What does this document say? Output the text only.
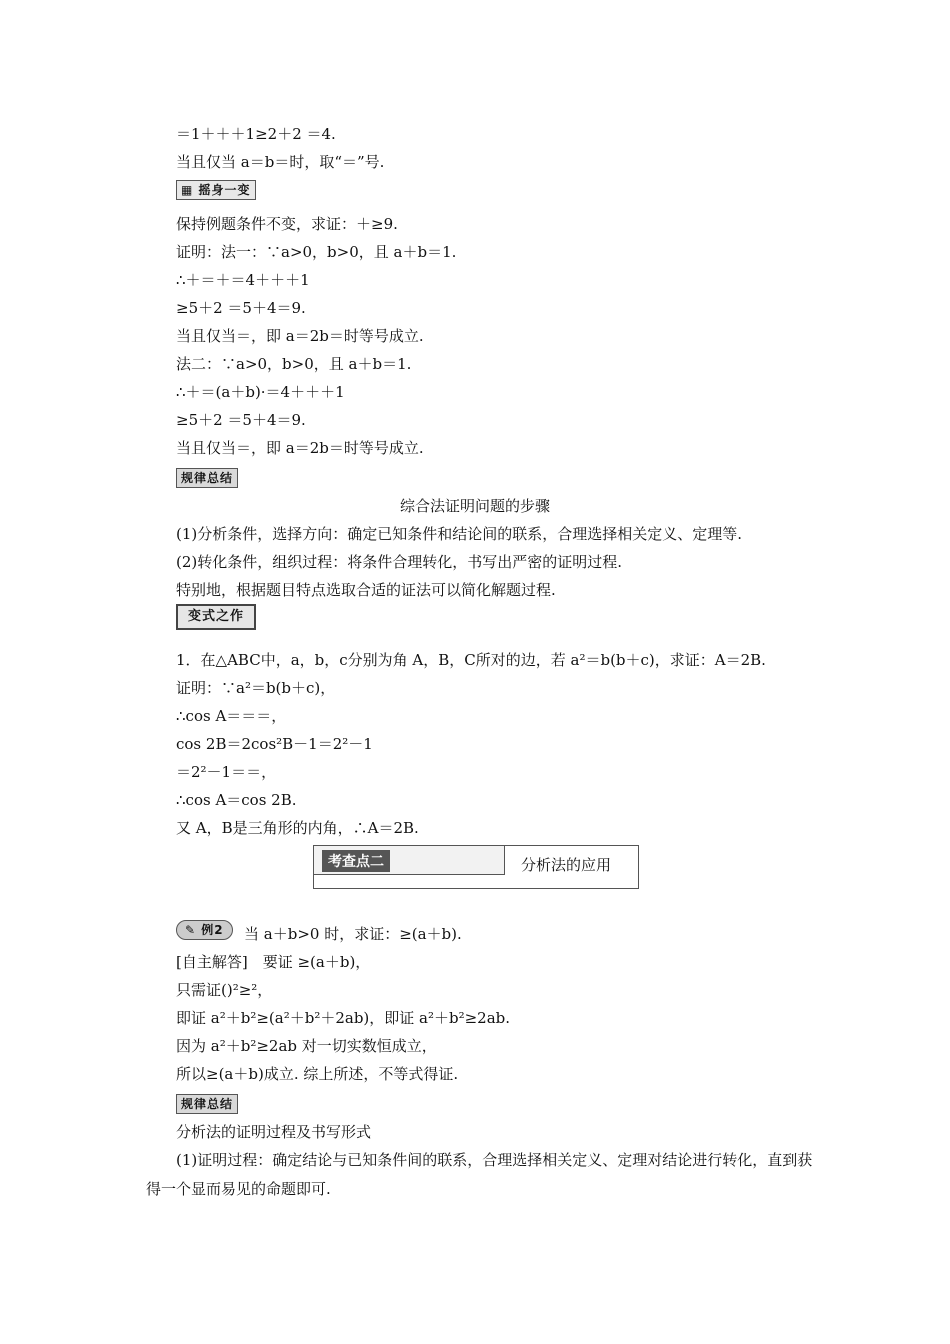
＝1＋＋＋1≥2＋2 ＝4.
当且仅当 a＝b＝时，取“＝”号.
▦ 摇身一变
保持例题条件不变，求证：＋≥9.
证明：法一：∵a>0，b>0，且 a＋b＝1.
∴＋＝＋＝4＋＋＋1
≥5＋2 ＝5＋4＝9.
当且仅当＝，即 a＝2b＝时等号成立.
法二：∵a>0，b>0，且 a＋b＝1.
∴＋＝(a＋b)·＝4＋＋＋1
≥5＋2 ＝5＋4＝9.
当且仅当＝，即 a＝2b＝时等号成立.
规律总结
综合法证明问题的步骤
(1)分析条件，选择方向：确定已知条件和结论间的联系，合理选择相关定义、定理等.
(2)转化条件，组织过程：将条件合理转化，书写出严密的证明过程.
特别地，根据题目特点选取合适的证法可以简化解题过程.
变式之作
1．在△ABC中，a，b，c分别为角 A，B，C所对的边，若 a²＝b(b＋c)，求证：A＝2B.
证明：∵a²＝b(b＋c)，
∴cos A＝＝＝，
cos 2B＝2cos²B－1＝2²－1
＝2²－1＝＝，
∴cos A＝cos 2B.
又 A，B是三角形的内角，∴A＝2B.
考查点二	分析法的应用
✎ 例2	当 a＋b>0 时，求证：≥(a＋b).
[自主解答]　要证 ≥(a＋b)，
只需证()²≥²，
即证 a²＋b²≥(a²＋b²＋2ab)，即证 a²＋b²≥2ab.
因为 a²＋b²≥2ab 对一切实数恒成立，
所以≥(a＋b)成立. 综上所述，不等式得证.
规律总结
分析法的证明过程及书写形式
(1)证明过程：确定结论与已知条件间的联系，合理选择相关定义、定理对结论进行转化，直到获得一个显而易见的命题即可.
